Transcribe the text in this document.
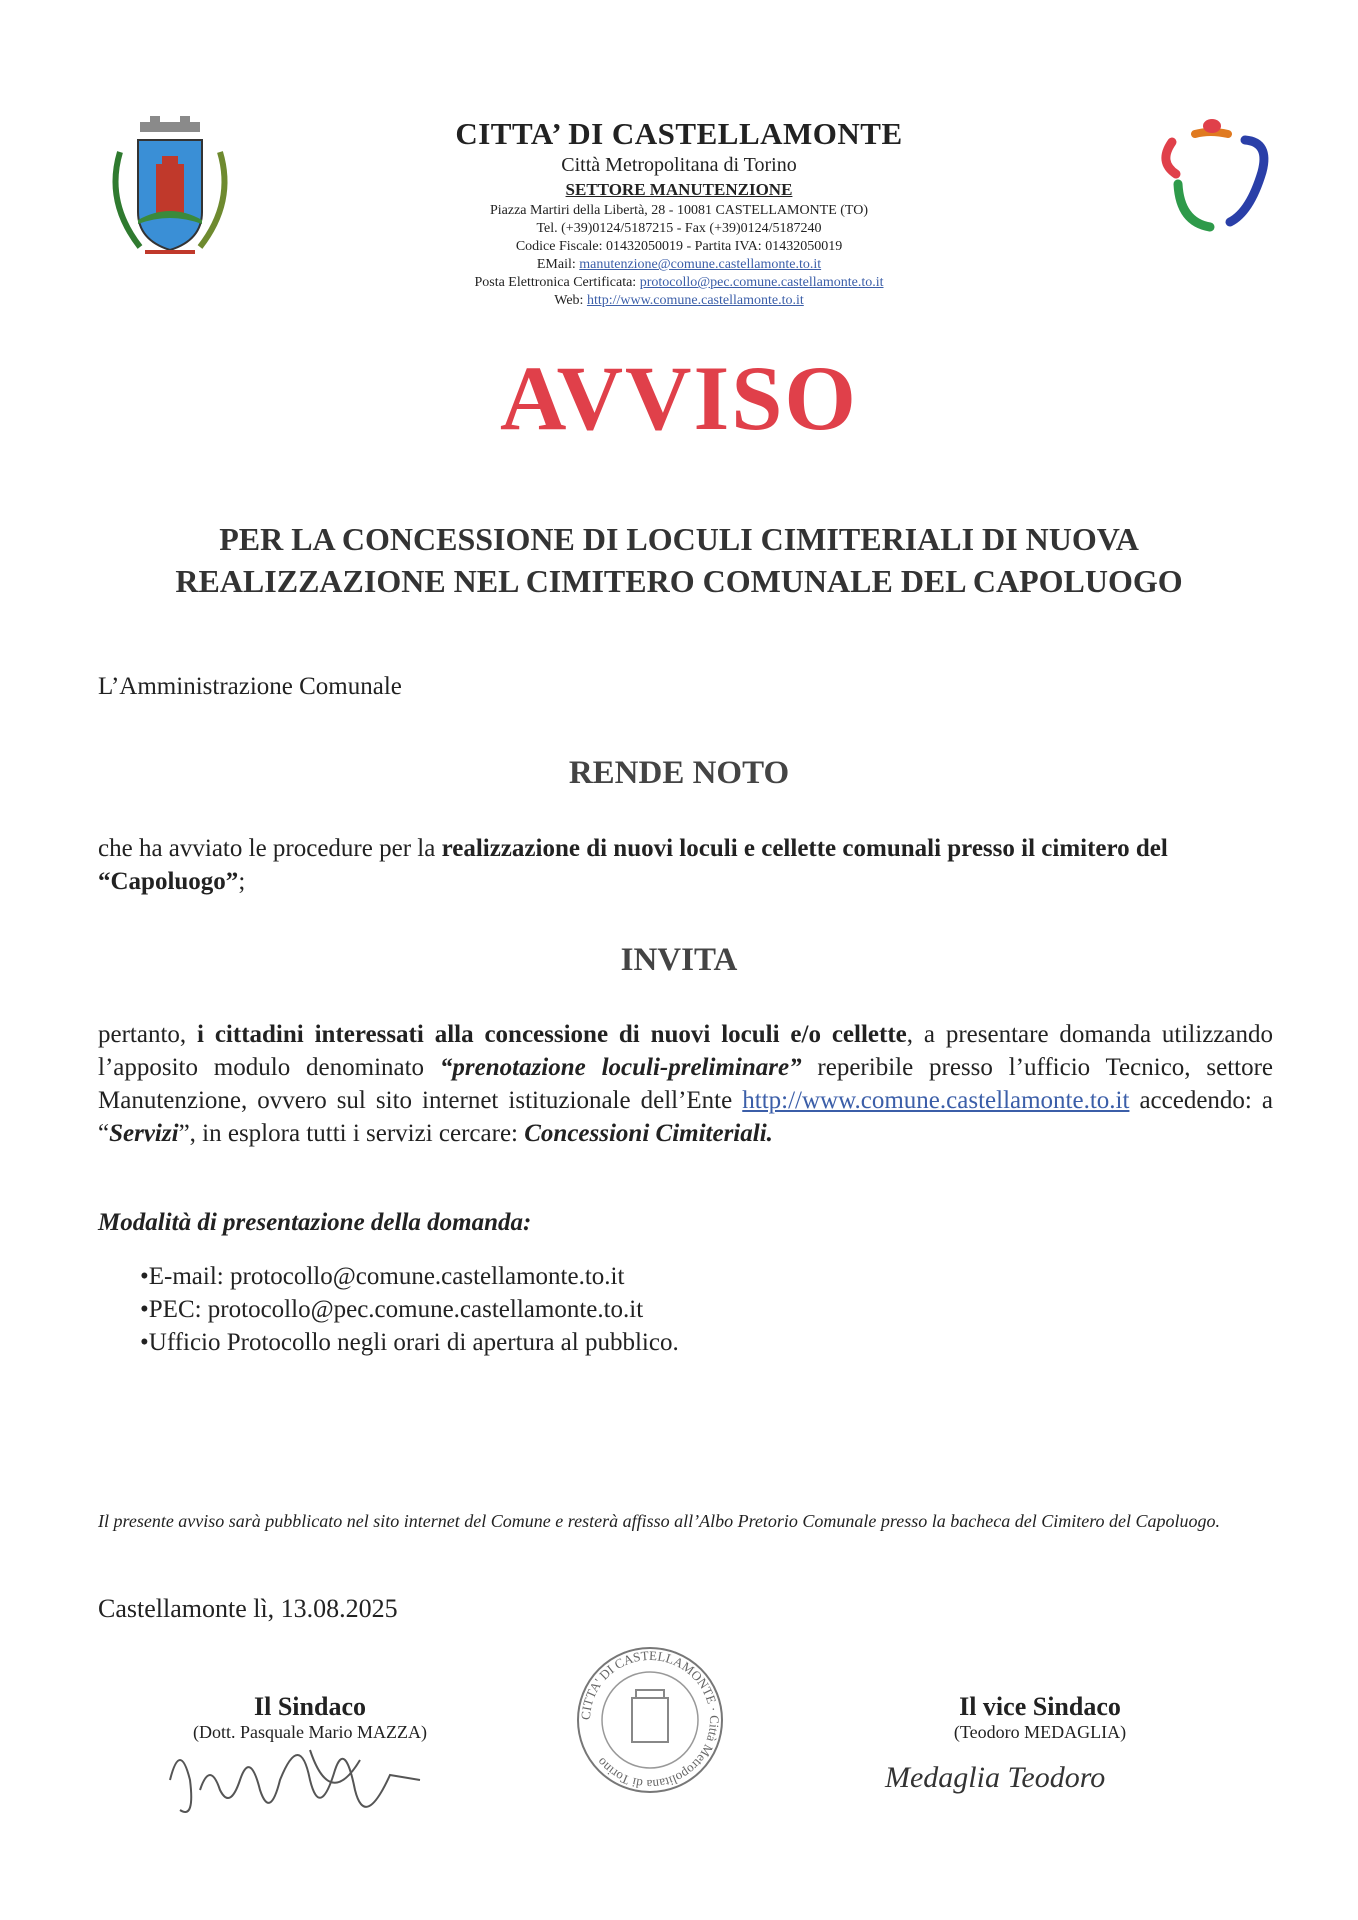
CITTA’ DI CASTELLAMONTE
Città Metropolitana di Torino
SETTORE MANUTENZIONE
Piazza Martiri della Libertà, 28 - 10081 CASTELLAMONTE (TO)
Tel. (+39)0124/5187215 - Fax (+39)0124/5187240
Codice Fiscale: 01432050019 - Partita IVA: 01432050019
EMail: manutenzione@comune.castellamonte.to.it
Posta Elettronica Certificata: protocollo@pec.comune.castellamonte.to.it
Web: http://www.comune.castellamonte.to.it
AVVISO
PER LA CONCESSIONE DI LOCULI CIMITERIALI DI NUOVA
REALIZZAZIONE NEL CIMITERO COMUNALE DEL CAPOLUOGO
L’Amministrazione Comunale
RENDE NOTO
che ha avviato le procedure per la realizzazione di nuovi loculi e cellette comunali presso il cimitero del “Capoluogo”;
INVITA
pertanto, i cittadini interessati alla concessione di nuovi loculi e/o cellette, a presentare domanda utilizzando l’apposito modulo denominato “prenotazione loculi-preliminare” reperibile presso l’ufficio Tecnico, settore Manutenzione, ovvero sul sito internet istituzionale dell’Ente http://www.comune.castellamonte.to.it accedendo: a “Servizi”, in esplora tutti i servizi cercare: Concessioni Cimiteriali.
Modalità di presentazione della domanda:
• E-mail: protocollo@comune.castellamonte.to.it
• PEC: protocollo@pec.comune.castellamonte.to.it
• Ufficio Protocollo negli orari di apertura al pubblico.
Il presente avviso sarà pubblicato nel sito internet del Comune e resterà affisso all’Albo Pretorio Comunale presso la bacheca del Cimitero del Capoluogo.
Castellamonte lì, 13.08.2025
Il Sindaco
(Dott. Pasquale Mario MAZZA)
CITTA' DI CASTELLAMONTE · Città Metropolitana di Torino
Il vice Sindaco
(Teodoro MEDAGLIA)
Medaglia Teodoro
